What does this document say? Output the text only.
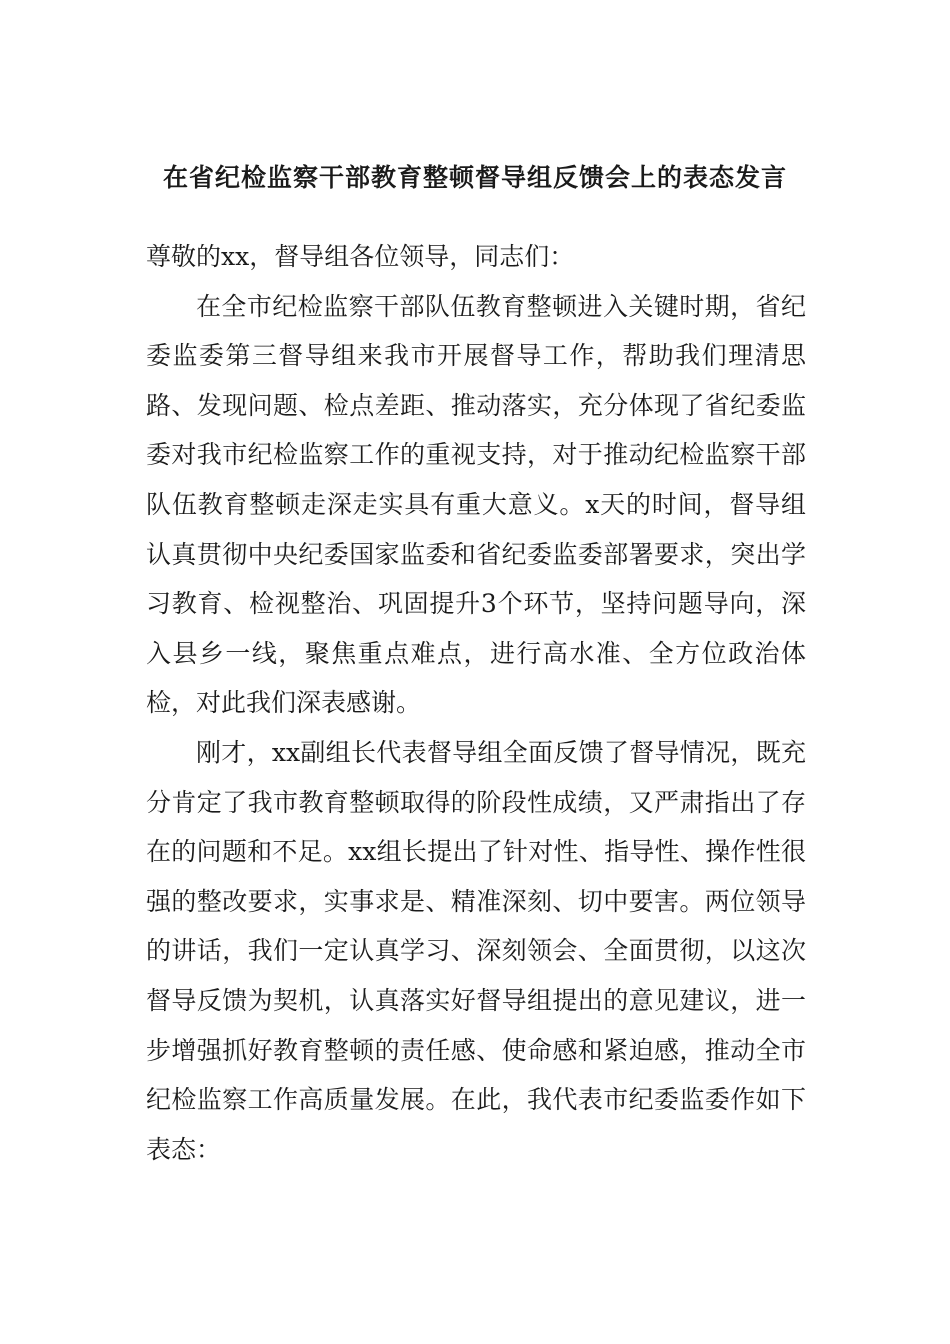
在省纪检监察干部教育整顿督导组反馈会上的表态发言

尊敬的xx，督导组各位领导，同志们：

在全市纪检监察干部队伍教育整顿进入关键时期，省纪委监委第三督导组来我市开展督导工作，帮助我们理清思路、发现问题、检点差距、推动落实，充分体现了省纪委监委对我市纪检监察工作的重视支持，对于推动纪检监察干部队伍教育整顿走深走实具有重大意义。x天的时间，督导组认真贯彻中央纪委国家监委和省纪委监委部署要求，突出学习教育、检视整治、巩固提升3个环节，坚持问题导向，深入县乡一线，聚焦重点难点，进行高水准、全方位政治体检，对此我们深表感谢。

刚才，xx副组长代表督导组全面反馈了督导情况，既充分肯定了我市教育整顿取得的阶段性成绩，又严肃指出了存在的问题和不足。xx组长提出了针对性、指导性、操作性很强的整改要求，实事求是、精准深刻、切中要害。两位领导的讲话，我们一定认真学习、深刻领会、全面贯彻，以这次督导反馈为契机，认真落实好督导组提出的意见建议，进一步增强抓好教育整顿的责任感、使命感和紧迫感，推动全市纪检监察工作高质量发展。在此，我代表市纪委监委作如下表态：
